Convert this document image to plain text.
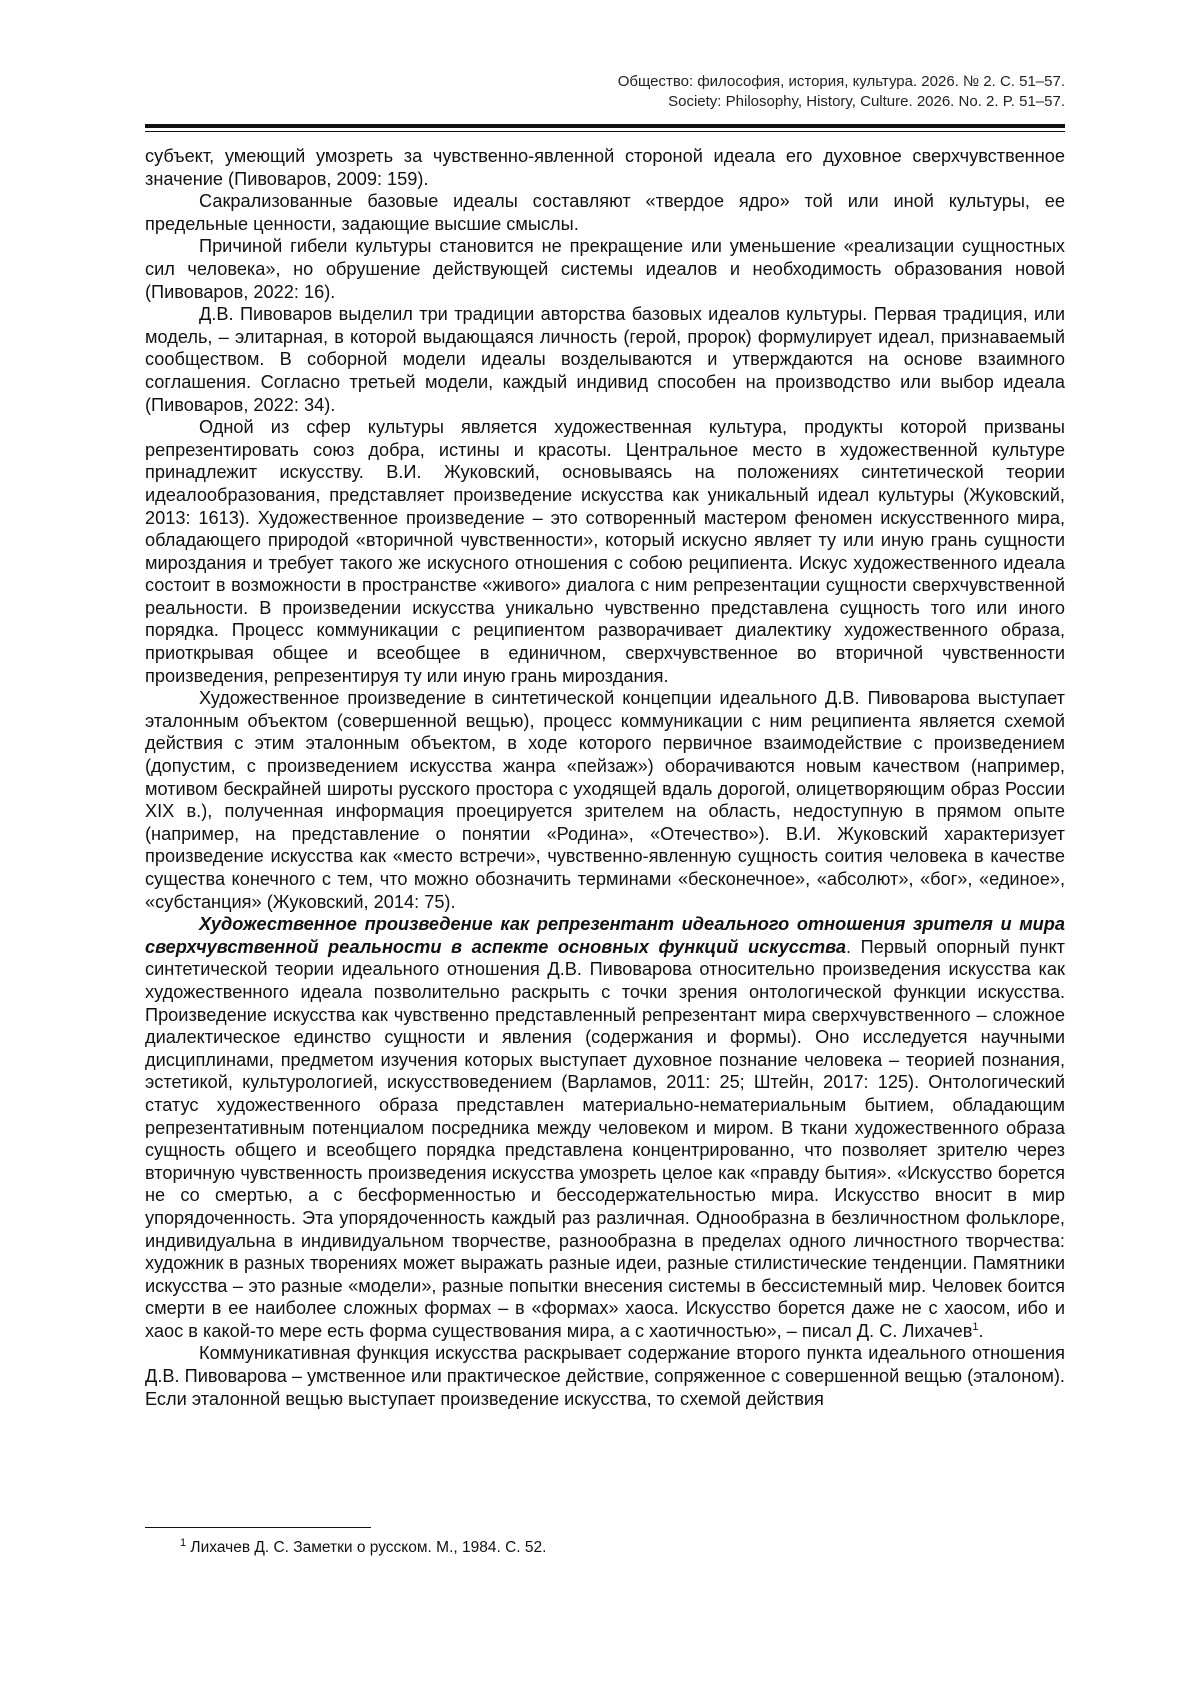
Общество: философия, история, культура. 2026. № 2. С. 51–57.
Society: Philosophy, History, Culture. 2026. No. 2. P. 51–57.

субъект, умеющий умозреть за чувственно-явленной стороной идеала его духовное сверхчувственное значение (Пивоваров, 2009: 159).

Сакрализованные базовые идеалы составляют «твердое ядро» той или иной культуры, ее предельные ценности, задающие высшие смыслы.

Причиной гибели культуры становится не прекращение или уменьшение «реализации сущностных сил человека», но обрушение действующей системы идеалов и необходимость образования новой (Пивоваров, 2022: 16).

Д.В. Пивоваров выделил три традиции авторства базовых идеалов культуры. Первая традиция, или модель, – элитарная, в которой выдающаяся личность (герой, пророк) формулирует идеал, признаваемый сообществом. В соборной модели идеалы возделываются и утверждаются на основе взаимного соглашения. Согласно третьей модели, каждый индивид способен на производство или выбор идеала (Пивоваров, 2022: 34).

Одной из сфер культуры является художественная культура, продукты которой призваны репрезентировать союз добра, истины и красоты. Центральное место в художественной культуре принадлежит искусству. В.И. Жуковский, основываясь на положениях синтетической теории идеалообразования, представляет произведение искусства как уникальный идеал культуры (Жуковский, 2013: 1613). Художественное произведение – это сотворенный мастером феномен искусственного мира, обладающего природой «вторичной чувственности», который искусно являет ту или иную грань сущности мироздания и требует такого же искусного отношения с собою реципиента. Искус художественного идеала состоит в возможности в пространстве «живого» диалога с ним репрезентации сущности сверхчувственной реальности. В произведении искусства уникально чувственно представлена сущность того или иного порядка. Процесс коммуникации с реципиентом разворачивает диалектику художественного образа, приоткрывая общее и всеобщее в единичном, сверхчувственное во вторичной чувственности произведения, репрезентируя ту или иную грань мироздания.

Художественное произведение в синтетической концепции идеального Д.В. Пивоварова выступает эталонным объектом (совершенной вещью), процесс коммуникации с ним реципиента является схемой действия с этим эталонным объектом, в ходе которого первичное взаимодействие с произведением (допустим, с произведением искусства жанра «пейзаж») оборачиваются новым качеством (например, мотивом бескрайней широты русского простора с уходящей вдаль дорогой, олицетворяющим образ России XIX в.), полученная информация проецируется зрителем на область, недоступную в прямом опыте (например, на представление о понятии «Родина», «Отечество»). В.И. Жуковский характеризует произведение искусства как «место встречи», чувственно-явленную сущность соития человека в качестве существа конечного с тем, что можно обозначить терминами «бесконечное», «абсолют», «бог», «единое», «субстанция» (Жуковский, 2014: 75).

Художественное произведение как репрезентант идеального отношения зрителя и мира сверхчувственной реальности в аспекте основных функций искусства. Первый опорный пункт синтетической теории идеального отношения Д.В. Пивоварова относительно произведения искусства как художественного идеала позволительно раскрыть с точки зрения онтологической функции искусства. Произведение искусства как чувственно представленный репрезентант мира сверхчувственного – сложное диалектическое единство сущности и явления (содержания и формы). Оно исследуется научными дисциплинами, предметом изучения которых выступает духовное познание человека – теорией познания, эстетикой, культурологией, искусствоведением (Варламов, 2011: 25; Штейн, 2017: 125). Онтологический статус художественного образа представлен материально-нематериальным бытием, обладающим репрезентативным потенциалом посредника между человеком и миром. В ткани художественного образа сущность общего и всеобщего порядка представлена концентрированно, что позволяет зрителю через вторичную чувственность произведения искусства умозреть целое как «правду бытия». «Искусство борется не со смертью, а с бесформенностью и бессодержательностью мира. Искусство вносит в мир упорядоченность. Эта упорядоченность каждый раз различная. Однообразна в безличностном фольклоре, индивидуальна в индивидуальном творчестве, разнообразна в пределах одного личностного творчества: художник в разных творениях может выражать разные идеи, разные стилистические тенденции. Памятники искусства – это разные «модели», разные попытки внесения системы в бессистемный мир. Человек боится смерти в ее наиболее сложных формах – в «формах» хаоса. Искусство борется даже не с хаосом, ибо и хаос в какой-то мере есть форма существования мира, а с хаотичностью», – писал Д. С. Лихачев$^1$.

Коммуникативная функция искусства раскрывает содержание второго пункта идеального отношения Д.В. Пивоварова – умственное или практическое действие, сопряженное с совершенной вещью (эталоном). Если эталонной вещью выступает произведение искусства, то схемой действия

$^1$ Лихачев Д. С. Заметки о русском. М., 1984. С. 52.
